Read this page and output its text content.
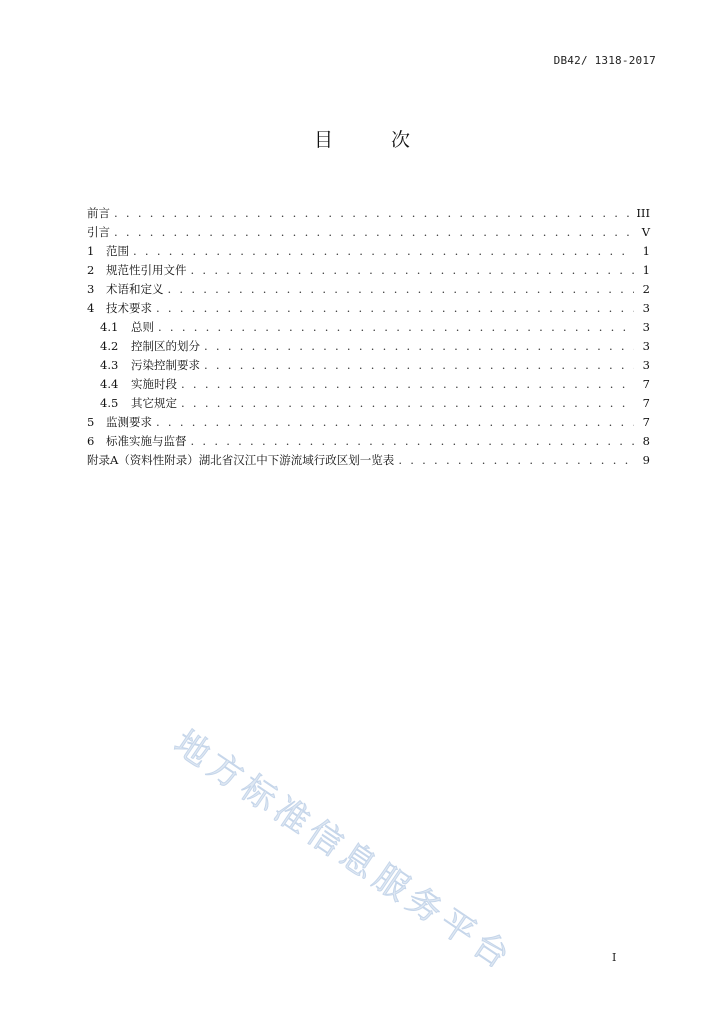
DB42/ 1318-2017
目 次
前言 . . .	III
引言 . . .	V
1	范围 . . .	1
2	规范性引用文件 . . .	1
3	术语和定义 . . .	2
4	技术要求 . . .	3
4.1	总则 . . .	3
4.2	控制区的划分 . . .	3
4.3	污染控制要求 . . .	3
4.4	实施时段 . . .	7
4.5	其它规定 . . .	7
5	监测要求 . . .	7
6	标准实施与监督 . . .	8
附录A（资料性附录）湖北省汉江中下游流域行政区划一览表 . . .	9
地方标准信息服务平台	I
